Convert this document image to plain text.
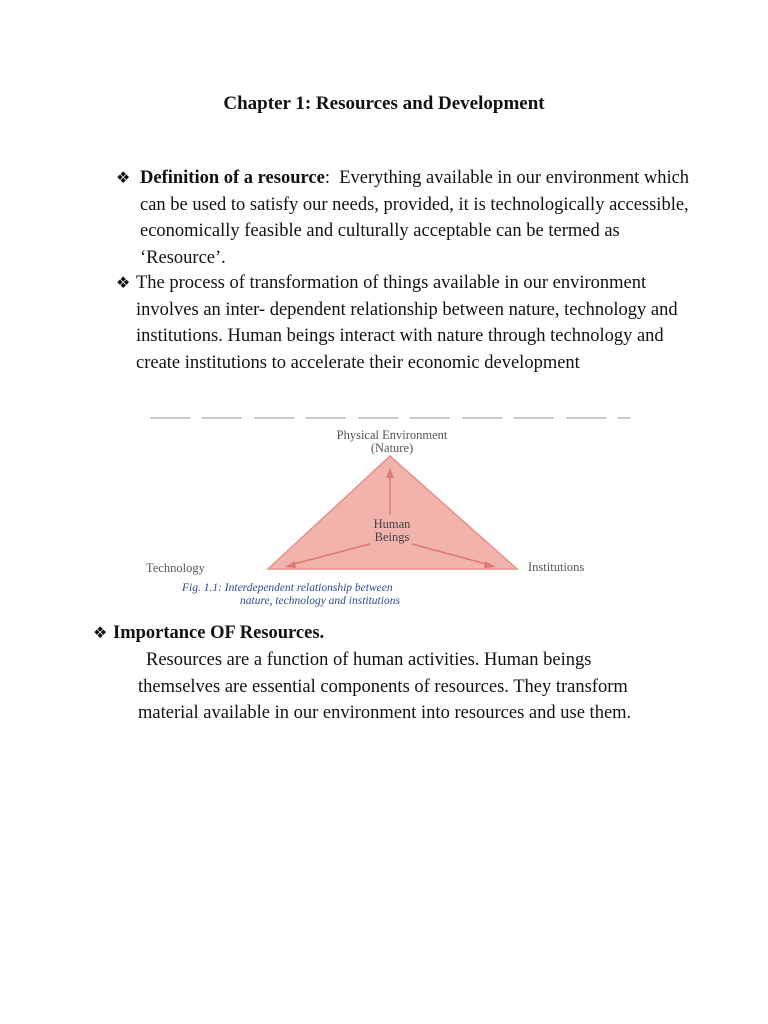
Chapter 1: Resources and Development
❖ Definition of a resource:  Everything available in our environment which can be used to satisfy our needs, provided, it is technologically accessible, economically feasible and culturally acceptable can be termed as ‘Resource’.
❖ The process of transformation of things available in our environment involves an inter- dependent relationship between nature, technology and institutions. Human beings interact with nature through technology and create institutions to accelerate their economic development
Physical Environment
(Nature)
Human
Beings
Technology	Institutions
Fig. 1.1: Interdependent relationship between
nature, technology and institutions
❖ Importance OF Resources.
Resources are a function of human activities. Human beings
themselves are essential components of resources. They transform
material available in our environment into resources and use them.
